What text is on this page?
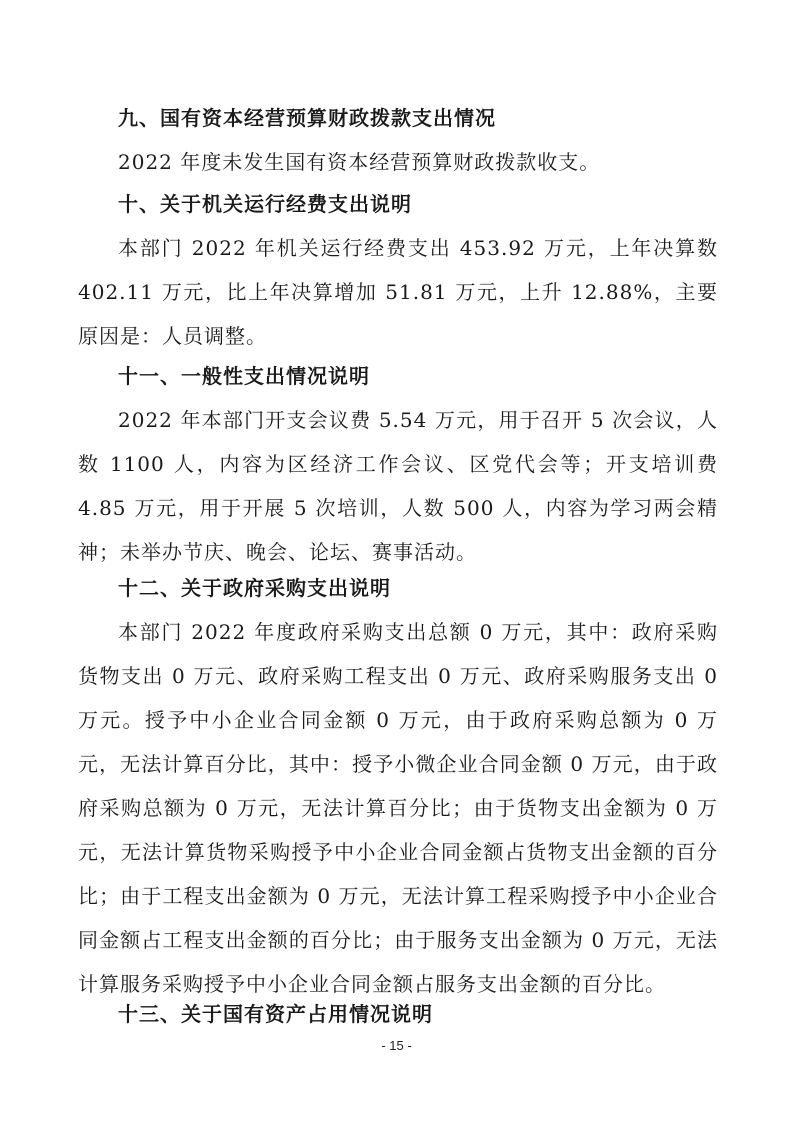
九、国有资本经营预算财政拨款支出情况
2022 年度未发生国有资本经营预算财政拨款收支。
十、关于机关运行经费支出说明
本部门 2022 年机关运行经费支出 453.92 万元，上年决算数 402.11 万元，比上年决算增加 51.81 万元，上升 12.88%，主要原因是：人员调整。
十一、一般性支出情况说明
2022 年本部门开支会议费 5.54 万元，用于召开 5 次会议，人数 1100 人，内容为区经济工作会议、区党代会等；开支培训费 4.85 万元，用于开展 5 次培训，人数 500 人，内容为学习两会精神；未举办节庆、晚会、论坛、赛事活动。
十二、关于政府采购支出说明
本部门 2022 年度政府采购支出总额 0 万元，其中：政府采购货物支出 0 万元、政府采购工程支出 0 万元、政府采购服务支出 0 万元。授予中小企业合同金额 0 万元，由于政府采购总额为 0 万元，无法计算百分比，其中：授予小微企业合同金额 0 万元，由于政府采购总额为 0 万元，无法计算百分比；由于货物支出金额为 0 万元，无法计算货物采购授予中小企业合同金额占货物支出金额的百分比；由于工程支出金额为 0 万元，无法计算工程采购授予中小企业合同金额占工程支出金额的百分比；由于服务支出金额为 0 万元，无法计算服务采购授予中小企业合同金额占服务支出金额的百分比。
十三、关于国有资产占用情况说明
- 15 -
